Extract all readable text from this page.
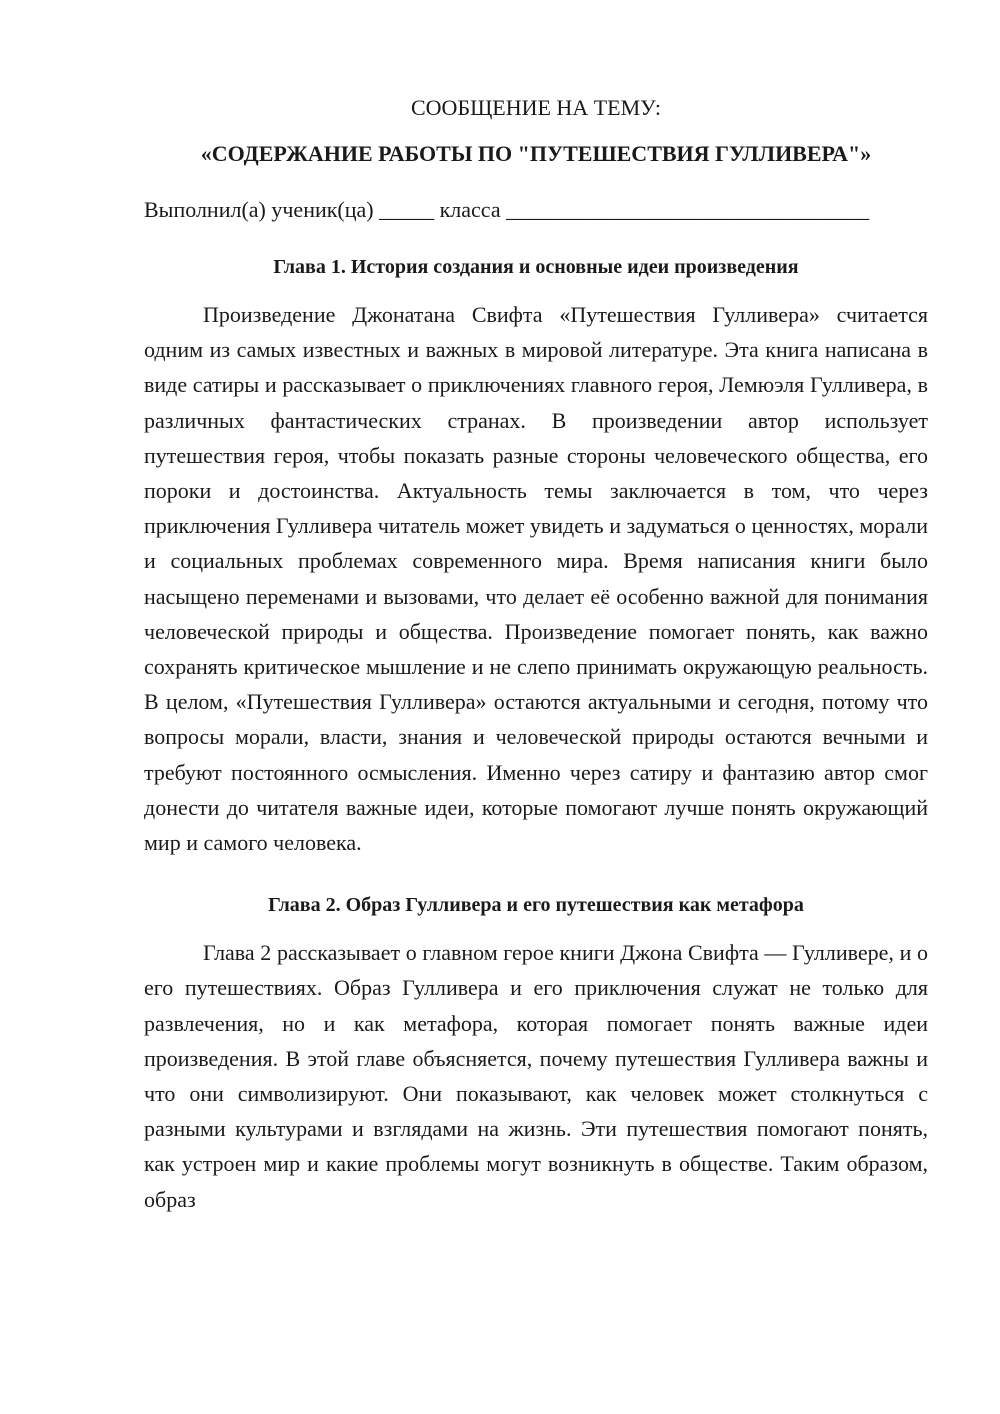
СООБЩЕНИЕ НА ТЕМУ:

«СОДЕРЖАНИЕ РАБОТЫ ПО "ПУТЕШЕСТВИЯ ГУЛЛИВЕРА"»

Выполнил(а) ученик(ца) _____ класса _________________________________

Глава 1. История создания и основные идеи произведения

Произведение Джонатана Свифта «Путешествия Гулливера» считается одним из самых известных и важных в мировой литературе. Эта книга написана в виде сатиры и рассказывает о приключениях главного героя, Лемюэля Гулливера, в различных фантастических странах. В произведении автор использует путешествия героя, чтобы показать разные стороны человеческого общества, его пороки и достоинства. Актуальность темы заключается в том, что через приключения Гулливера читатель может увидеть и задуматься о ценностях, морали и социальных проблемах современного мира. Время написания книги было насыщено переменами и вызовами, что делает её особенно важной для понимания человеческой природы и общества. Произведение помогает понять, как важно сохранять критическое мышление и не слепо принимать окружающую реальность. В целом, «Путешествия Гулливера» остаются актуальными и сегодня, потому что вопросы морали, власти, знания и человеческой природы остаются вечными и требуют постоянного осмысления. Именно через сатиру и фантазию автор смог донести до читателя важные идеи, которые помогают лучше понять окружающий мир и самого человека.

Глава 2. Образ Гулливера и его путешествия как метафора

Глава 2 рассказывает о главном герое книги Джона Свифта — Гулливере, и о его путешествиях. Образ Гулливера и его приключения служат не только для развлечения, но и как метафора, которая помогает понять важные идеи произведения. В этой главе объясняется, почему путешествия Гулливера важны и что они символизируют. Они показывают, как человек может столкнуться с разными культурами и взглядами на жизнь. Эти путешествия помогают понять, как устроен мир и какие проблемы могут возникнуть в обществе. Таким образом, образ
